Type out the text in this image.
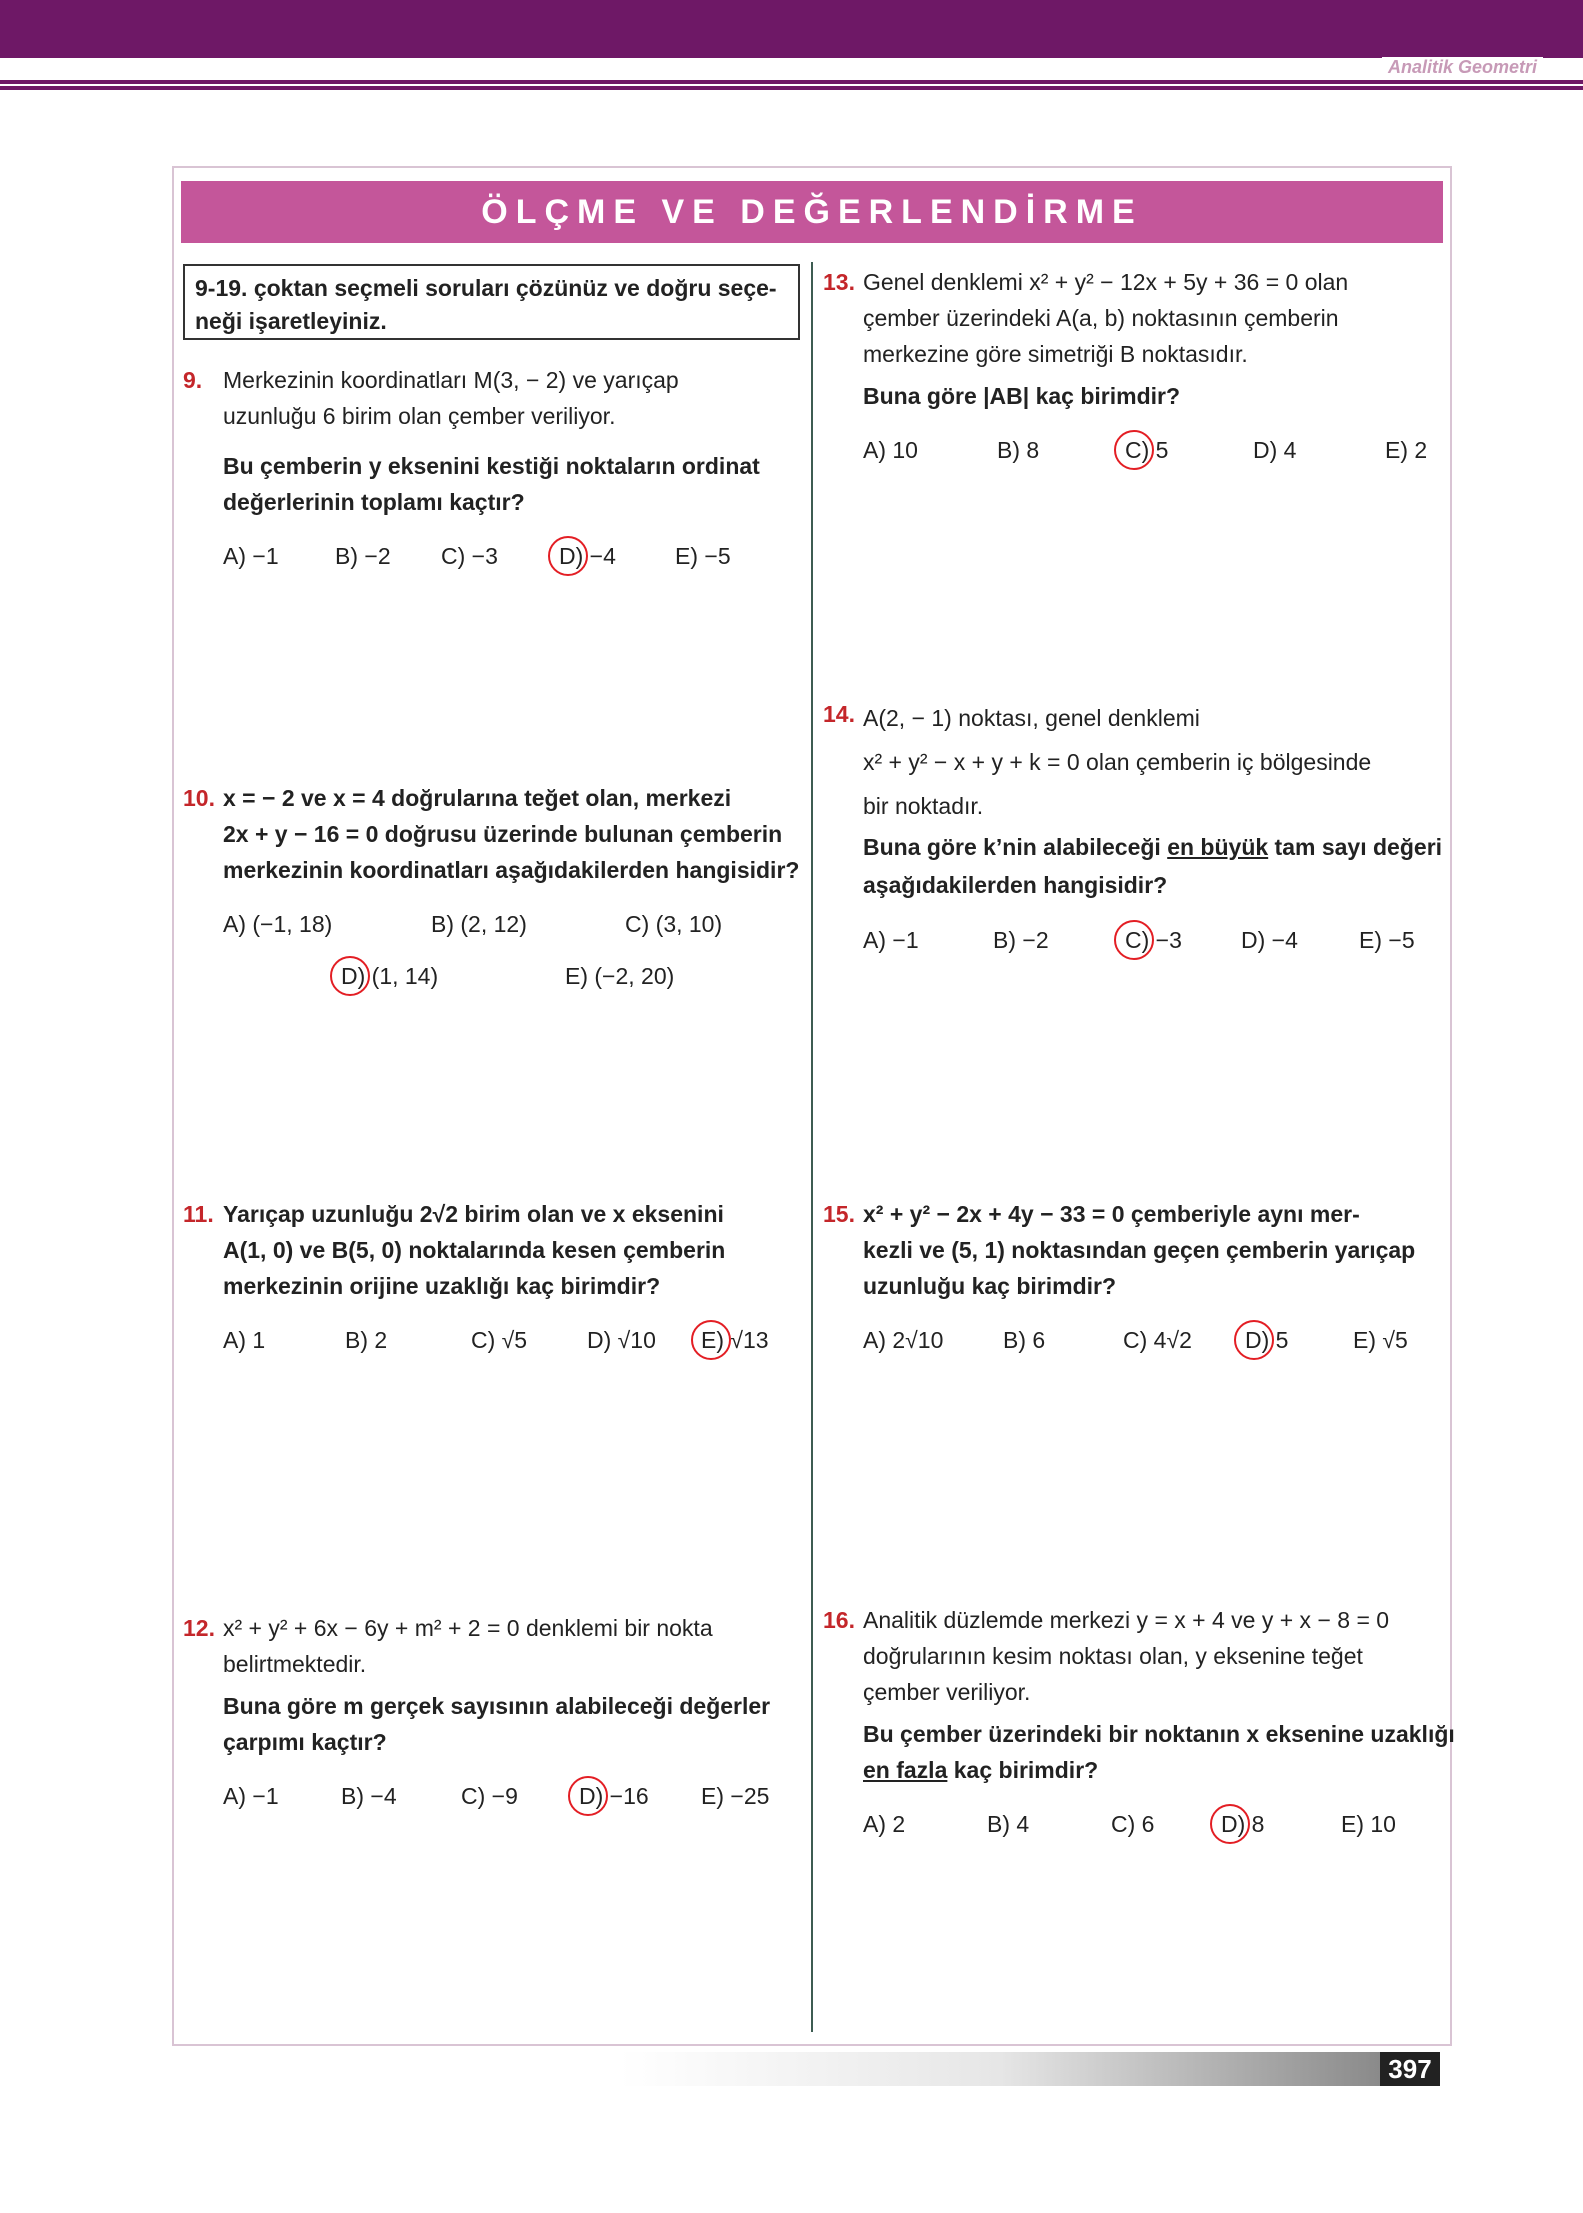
Analitik Geometri
ÖLÇME VE DEĞERLENDİRME
9-19. çoktan seçmeli soruları çözünüz ve doğru seçe-
neği işaretleyiniz.
9. Merkezinin koordinatları M(3, − 2) ve yarıçap
uzunluğu 6 birim olan çember veriliyor.
Bu çemberin y eksenini kestiği noktaların ordinat
değerlerinin toplamı kaçtır?
A) −1 B) −2 C) −3	D) −4	E) −5
10. x = − 2 ve x = 4 doğrularına teğet olan, merkezi
2x + y − 16 = 0 doğrusu üzerinde bulunan çemberin
merkezinin koordinatları aşağıdakilerden hangisidir?
A) (−1, 18)	B) (2, 12)	C) (3, 10)
D) (1, 14)	E) (−2, 20)
11. Yarıçap uzunluğu 2√2 birim olan ve x eksenini
A(1, 0) ve B(5, 0) noktalarında kesen çemberin
merkezinin orijine uzaklığı kaç birimdir?
A) 1	B) 2	C) √5	D) √10 E) √13
12. x² + y² + 6x − 6y + m² + 2 = 0 denklemi bir nokta
belirtmektedir.
Buna göre m gerçek sayısının alabileceği değerler
çarpımı kaçtır?
A) −1	B) −4	C) −9	D) −16 E) −25
13. Genel denklemi x² + y² − 12x + 5y + 36 = 0 olan
çember üzerindeki A(a, b) noktasının çemberin
merkezine göre simetriği B noktasıdır.
Buna göre |AB| kaç birimdir?
A) 10	B) 8	C) 5	D) 4	E) 2
14. A(2, − 1) noktası, genel denklemi
x² + y² − x + y + k = 0 olan çemberin iç bölgesinde
bir noktadır.
Buna göre k’nin alabileceği en büyük tam sayı değeri
aşağıdakilerden hangisidir?
A) −1	B) −2	C) −3	D) −4	E) −5
15. x² + y² − 2x + 4y − 33 = 0 çemberiyle aynı mer-
kezli ve (5, 1) noktasından geçen çemberin yarıçap
uzunluğu kaç birimdir?
A) 2√10	B) 6	C) 4√2 D) 5	E) √5
16. Analitik düzlemde merkezi y = x + 4 ve y + x − 8 = 0
doğrularının kesim noktası olan, y eksenine teğet
çember veriliyor.
Bu çember üzerindeki bir noktanın x eksenine uzaklığı
en fazla kaç birimdir?
A) 2	B) 4	C) 6	D) 8	E) 10
397
